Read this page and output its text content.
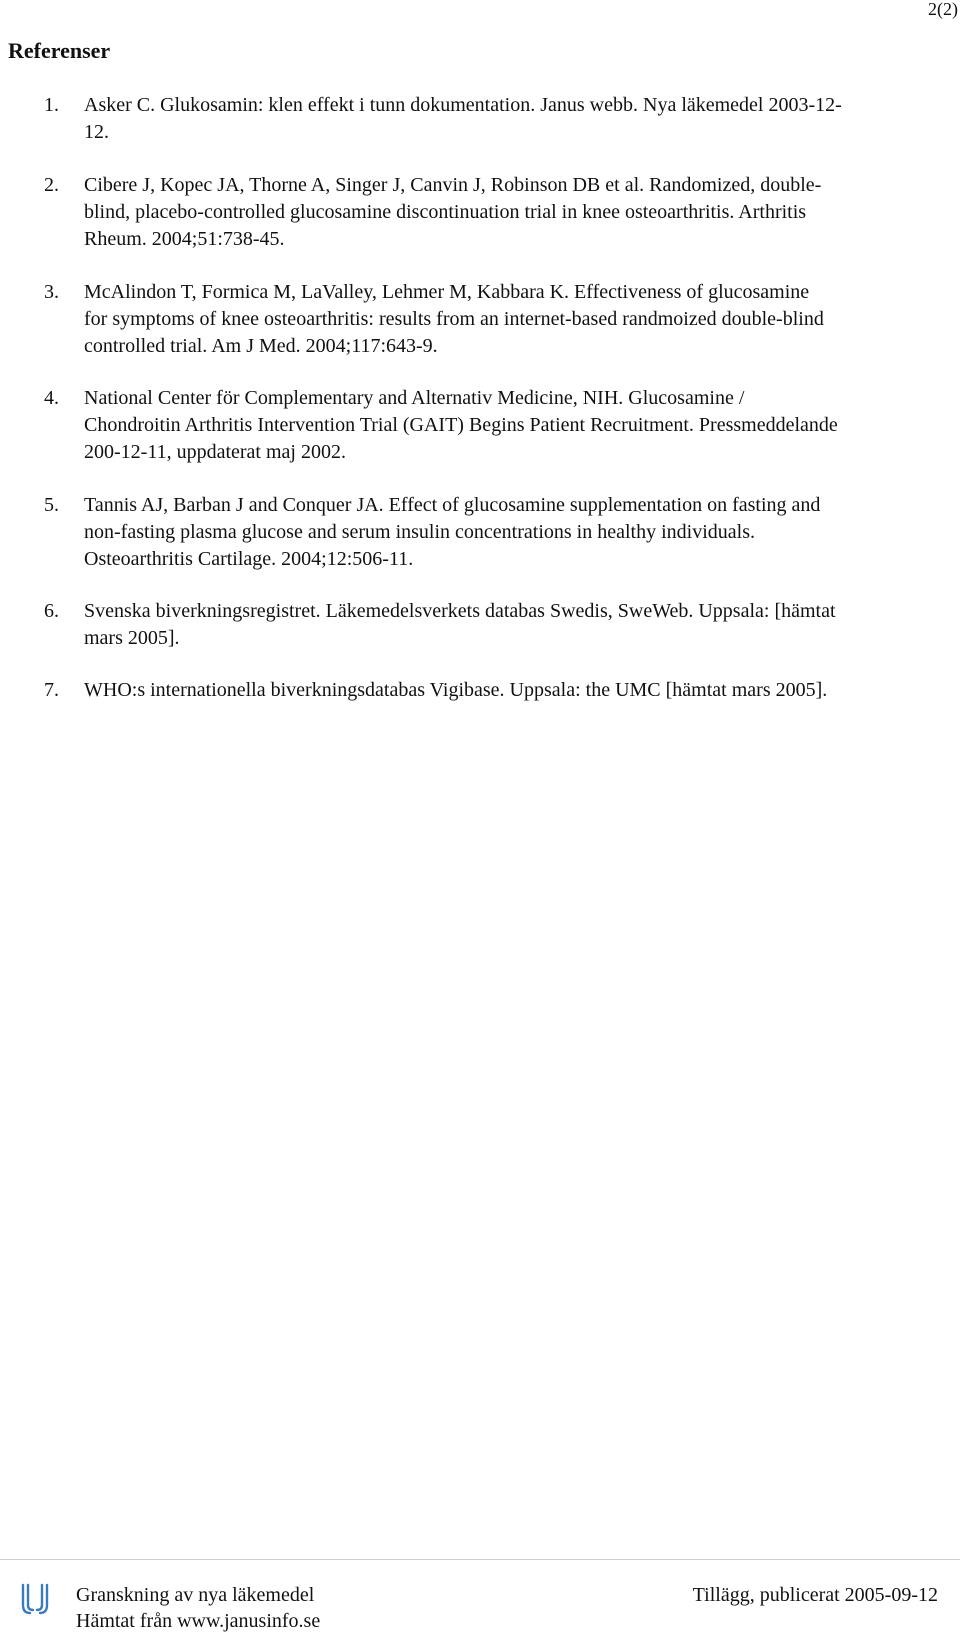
2(2)
Referenser
1.	Asker C. Glukosamin: klen effekt i tunn dokumentation. Janus webb. Nya läkemedel 2003-12-
12.
2.	Cibere J, Kopec JA, Thorne A, Singer J, Canvin J, Robinson DB et al. Randomized, double-
blind, placebo-controlled glucosamine discontinuation trial in knee osteoarthritis. Arthritis
Rheum. 2004;51:738-45.
3.	McAlindon T, Formica M, LaValley, Lehmer M, Kabbara K. Effectiveness of glucosamine
for symptoms of knee osteoarthritis: results from an internet-based randmoized double-blind
controlled trial. Am J Med. 2004;117:643-9.
4.	National Center för Complementary and Alternativ Medicine, NIH. Glucosamine /
Chondroitin Arthritis Intervention Trial (GAIT) Begins Patient Recruitment. Pressmeddelande
200-12-11, uppdaterat maj 2002.
5.	Tannis AJ, Barban J and Conquer JA. Effect of glucosamine supplementation on fasting and
non-fasting plasma glucose and serum insulin concentrations in healthy individuals.
Osteoarthritis Cartilage. 2004;12:506-11.
6.	Svenska biverkningsregistret. Läkemedelsverkets databas Swedis, SweWeb. Uppsala: [hämtat
mars 2005].
7.	WHO:s internationella biverkningsdatabas Vigibase. Uppsala: the UMC [hämtat mars 2005].
Granskning av nya läkemedel
Hämtat från www.janusinfo.se
Tillägg, publicerat 2005-09-12
